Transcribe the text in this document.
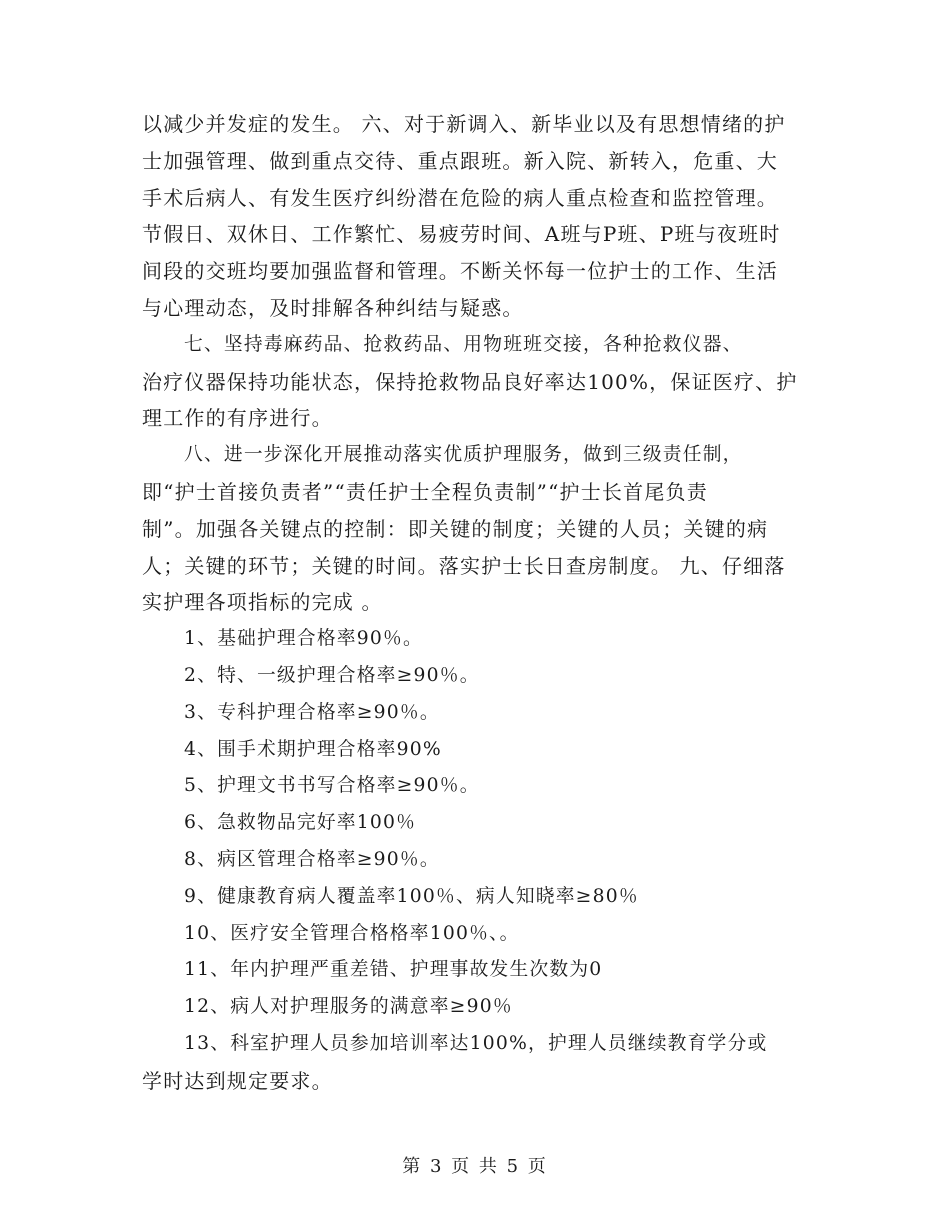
以减少并发症的发生。 六、对于新调入、新毕业以及有思想情绪的护
士加强管理、做到重点交待、重点跟班。新入院、新转入，危重、大
手术后病人、有发生医疗纠纷潜在危险的病人重点检查和监控管理。
节假日、双休日、工作繁忙、易疲劳时间、A班与P班、P班与夜班时
间段的交班均要加强监督和管理。不断关怀每一位护士的工作、生活
与心理动态，及时排解各种纠结与疑惑。
七、坚持毒麻药品、抢救药品、用物班班交接，各种抢救仪器、
治疗仪器保持功能状态，保持抢救物品良好率达100%，保证医疗、护
理工作的有序进行。
八、进一步深化开展推动落实优质护理服务，做到三级责任制，
即“护士首接负责者”“责任护士全程负责制”“护士长首尾负责
制”。加强各关键点的控制：即关键的制度；关键的人员；关键的病
人；关键的环节；关键的时间。落实护士长日查房制度。 九、仔细落
实护理各项指标的完成 。
1、基础护理合格率90％。
2、特、一级护理合格率≥90％。
3、专科护理合格率≥90％。
4、围手术期护理合格率90%
5、护理文书书写合格率≥90％。
6、急救物品完好率100％
8、病区管理合格率≥90％。
9、健康教育病人覆盖率100％、病人知晓率≥80％
10、医疗安全管理合格格率100％、。
11、年内护理严重差错、护理事故发生次数为0
12、病人对护理服务的满意率≥90％
13、科室护理人员参加培训率达100%，护理人员继续教育学分或
学时达到规定要求。
第 3 页 共 5 页
